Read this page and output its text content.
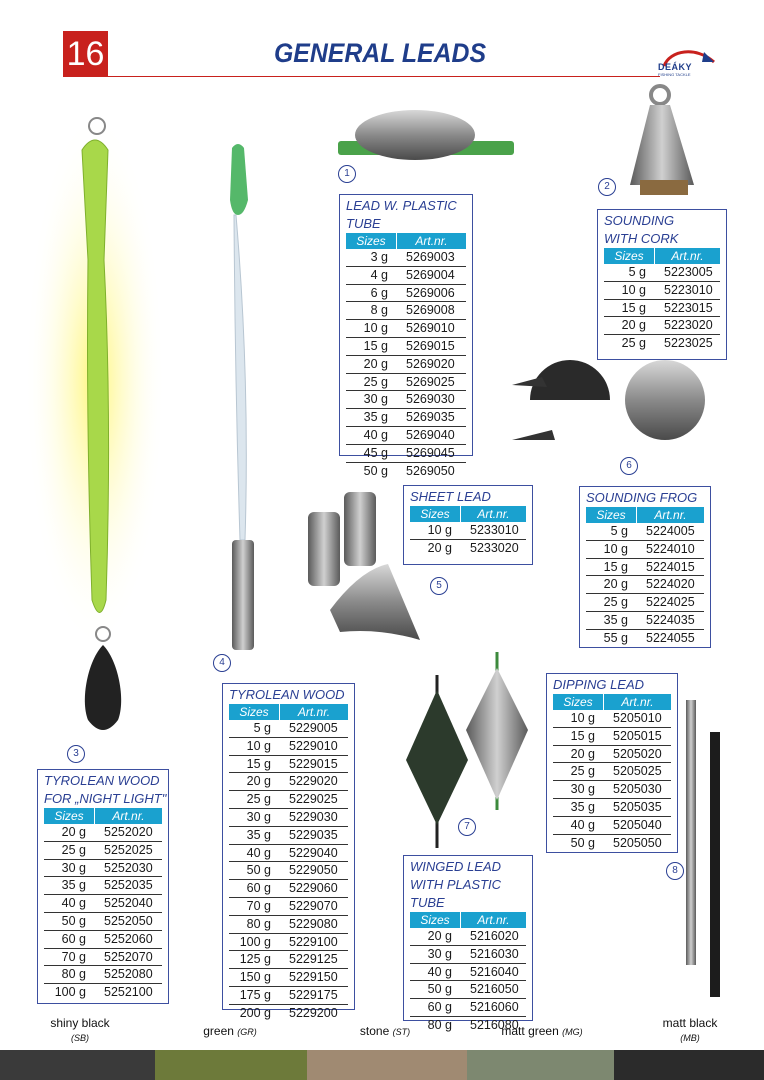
16	GENERAL LEADS	DEÁKY
FISHING TACKLE
1
2
3
4
5
6
7
8
LEAD W. PLASTIC TUBE
Sizes	Art.nr.
3 g	5269003
4 g	5269004
6 g	5269006
8 g	5269008
10 g	5269010
15 g	5269015
20 g	5269020
25 g	5269025
30 g	5269030
35 g	5269035
40 g	5269040
45 g	5269045
50 g	5269050
SOUNDING
WITH CORK
Sizes	Art.nr.
5 g	5223005
10 g	5223010
15 g	5223015
20 g	5223020
25 g	5223025
SHEET LEAD
Sizes	Art.nr.
10 g	5233010
20 g	5233020
SOUNDING FROG
Sizes	Art.nr.
5 g	5224005
10 g	5224010
15 g	5224015
20 g	5224020
25 g	5224025
35 g	5224035
55 g	5224055
TYROLEAN WOOD
Sizes	Art.nr.
5 g	5229005
10 g	5229010
15 g	5229015
20 g	5229020
25 g	5229025
30 g	5229030
35 g	5229035
40 g	5229040
50 g	5229050
60 g	5229060
70 g	5229070
80 g	5229080
100 g	5229100
125 g	5229125
150 g	5229150
175 g	5229175
200 g	5229200
DIPPING LEAD
Sizes	Art.nr.
10 g	5205010
15 g	5205015
20 g	5205020
25 g	5205025
30 g	5205030
35 g	5205035
40 g	5205040
50 g	5205050
TYROLEAN WOOD
FOR „NIGHT LIGHT"
Sizes	Art.nr.
20 g	5252020
25 g	5252025
30 g	5252030
35 g	5252035
40 g	5252040
50 g	5252050
60 g	5252060
70 g	5252070
80 g	5252080
100 g	5252100
WINGED LEAD
WITH PLASTIC TUBE
Sizes	Art.nr.
20 g	5216020
30 g	5216030
40 g	5216040
50 g	5216050
60 g	5216060
80 g	5216080
shiny black
(SB)	green (GR)	stone (ST)	matt green (MG)
matt black
(MB)
